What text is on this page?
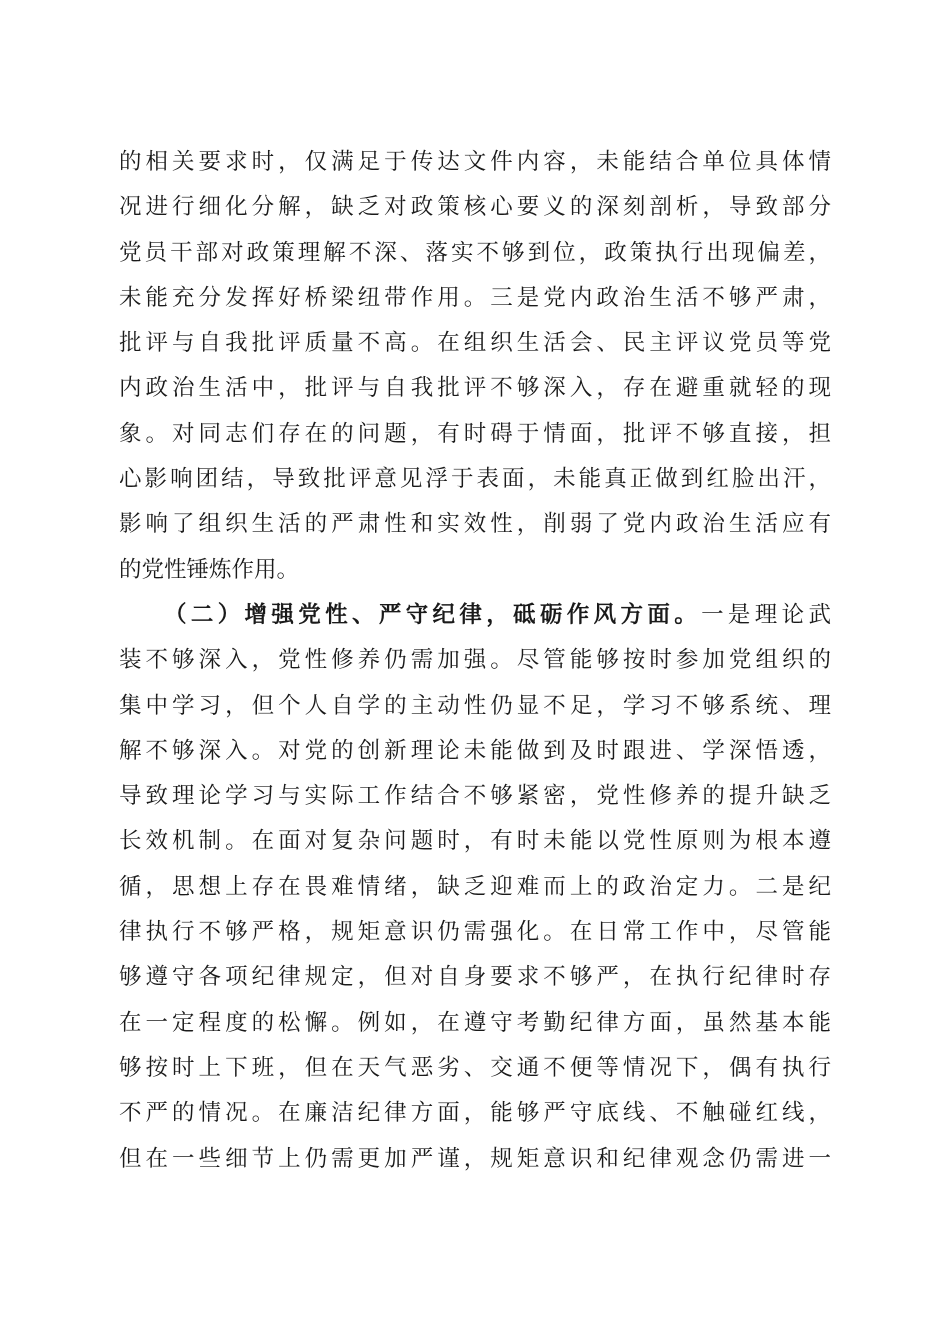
的相关要求时，仅满足于传达文件内容，未能结合单位具体情
况进行细化分解，缺乏对政策核心要义的深刻剖析，导致部分
党员干部对政策理解不深、落实不够到位，政策执行出现偏差，
未能充分发挥好桥梁纽带作用。三是党内政治生活不够严肃，
批评与自我批评质量不高。在组织生活会、民主评议党员等党
内政治生活中，批评与自我批评不够深入，存在避重就轻的现
象。对同志们存在的问题，有时碍于情面，批评不够直接，担
心影响团结，导致批评意见浮于表面，未能真正做到红脸出汗，
影响了组织生活的严肃性和实效性，削弱了党内政治生活应有
的党性锤炼作用。
（二）增强党性、严守纪律，砥砺作风方面。一是理论武
装不够深入，党性修养仍需加强。尽管能够按时参加党组织的
集中学习，但个人自学的主动性仍显不足，学习不够系统、理
解不够深入。对党的创新理论未能做到及时跟进、学深悟透，
导致理论学习与实际工作结合不够紧密，党性修养的提升缺乏
长效机制。在面对复杂问题时，有时未能以党性原则为根本遵
循，思想上存在畏难情绪，缺乏迎难而上的政治定力。二是纪
律执行不够严格，规矩意识仍需强化。在日常工作中，尽管能
够遵守各项纪律规定，但对自身要求不够严，在执行纪律时存
在一定程度的松懈。例如，在遵守考勤纪律方面，虽然基本能
够按时上下班，但在天气恶劣、交通不便等情况下，偶有执行
不严的情况。在廉洁纪律方面，能够严守底线、不触碰红线，
但在一些细节上仍需更加严谨，规矩意识和纪律观念仍需进一
